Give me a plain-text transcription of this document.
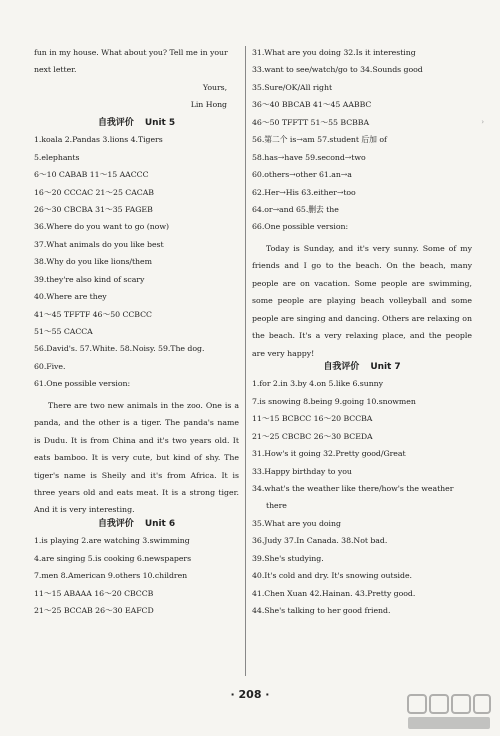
fun in my house. What about you? Tell me in your
next letter.
Yours,
Lin Hong
自我评价 Unit 5
1.koala 2.Pandas 3.lions 4.Tigers
5.elephants
6～10 CABAB 11～15 AACCC
16～20 CCCAC 21～25 CACAB
26～30 CBCBA 31～35 FAGEB
36.Where do you want to go (now)
37.What animals do you like best
38.Why do you like lions/them
39.they're also kind of scary
40.Where are they
41～45 TFFTF 46～50 CCBCC
51～55 CACCA
56.David's. 57.White. 58.Noisy. 59.The dog.
60.Five.
61.One possible version:
There are two new animals in the zoo. One is a panda, and the other is a tiger. The panda's name is Dudu. It is from China and it's two years old. It eats bamboo. It is very cute, but kind of shy. The tiger's name is Sheily and it's from Africa. It is three years old and eats meat. It is a strong tiger. And it is very interesting.
自我评价 Unit 6
1.is playing 2.are watching 3.swimming
4.are singing 5.is cooking 6.newspapers
7.men 8.American 9.others 10.children
11～15 ABAAA 16～20 CBCCB
21～25 BCCAB 26～30 EAFCD
31.What are you doing 32.Is it interesting
33.want to see/watch/go to 34.Sounds good
35.Sure/OK/All right
36～40 BBCAB 41～45 AABBC
46～50 TFFTT 51～55 BCBBA
56.第二个 is→am 57.student 后加 of
58.has→have 59.second→two
60.others→other 61.an→a
62.Her→His 63.either→too
64.or→and 65.删去 the
66.One possible version:
Today is Sunday, and it's very sunny. Some of my friends and I go to the beach. On the beach, many people are on vacation. Some people are swimming, some people are playing beach volleyball and some people are singing and dancing. Others are relaxing on the beach. It's a very relaxing place, and the people are very happy!
自我评价 Unit 7
1.for 2.in 3.by 4.on 5.like 6.sunny
7.is snowing 8.being 9.going 10.snowmen
11～15 BCBCC 16～20 BCCBA
21～25 CBCBC 26～30 BCEDA
31.How's it going 32.Pretty good/Great
33.Happy birthday to you
34.what's the weather like there/how's the weather
there
35.What are you doing
36.Judy 37.In Canada. 38.Not bad.
39.She's studying.
40.It's cold and dry. It's snowing outside.
41.Chen Xuan 42.Hainan. 43.Pretty good.
44.She's talking to her good friend.
›
· 208 ·
